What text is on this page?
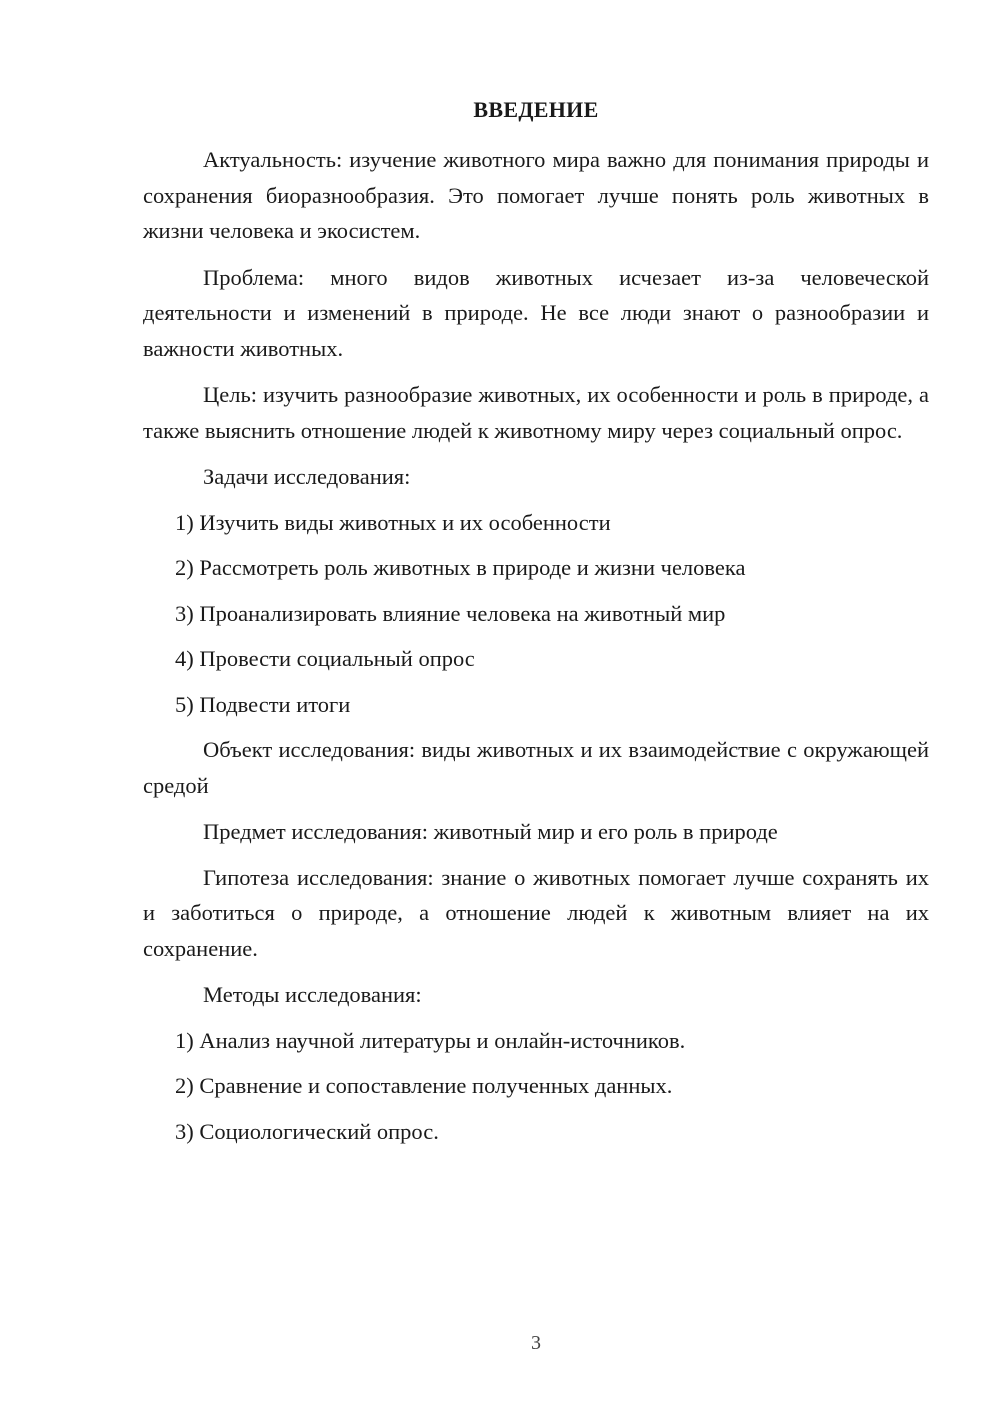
ВВЕДЕНИЕ

Актуальность: изучение животного мира важно для понимания природы и сохранения биоразнообразия. Это помогает лучше понять роль животных в жизни человека и экосистем.

Проблема: много видов животных исчезает из-за человеческой деятельности и изменений в природе. Не все люди знают о разнообразии и важности животных.

Цель: изучить разнообразие животных, их особенности и роль в природе, а также выяснить отношение людей к животному миру через социальный опрос.

Задачи исследования:

1) Изучить виды животных и их особенности
2) Рассмотреть роль животных в природе и жизни человека
3) Проанализировать влияние человека на животный мир
4) Провести социальный опрос
5) Подвести итоги

Объект исследования: виды животных и их взаимодействие с окружающей средой

Предмет исследования: животный мир и его роль в природе

Гипотеза исследования: знание о животных помогает лучше сохранять их и заботиться о природе, а отношение людей к животным влияет на их сохранение.

Методы исследования:

1) Анализ научной литературы и онлайн-источников.
2) Сравнение и сопоставление полученных данных.
3) Социологический опрос.
3
